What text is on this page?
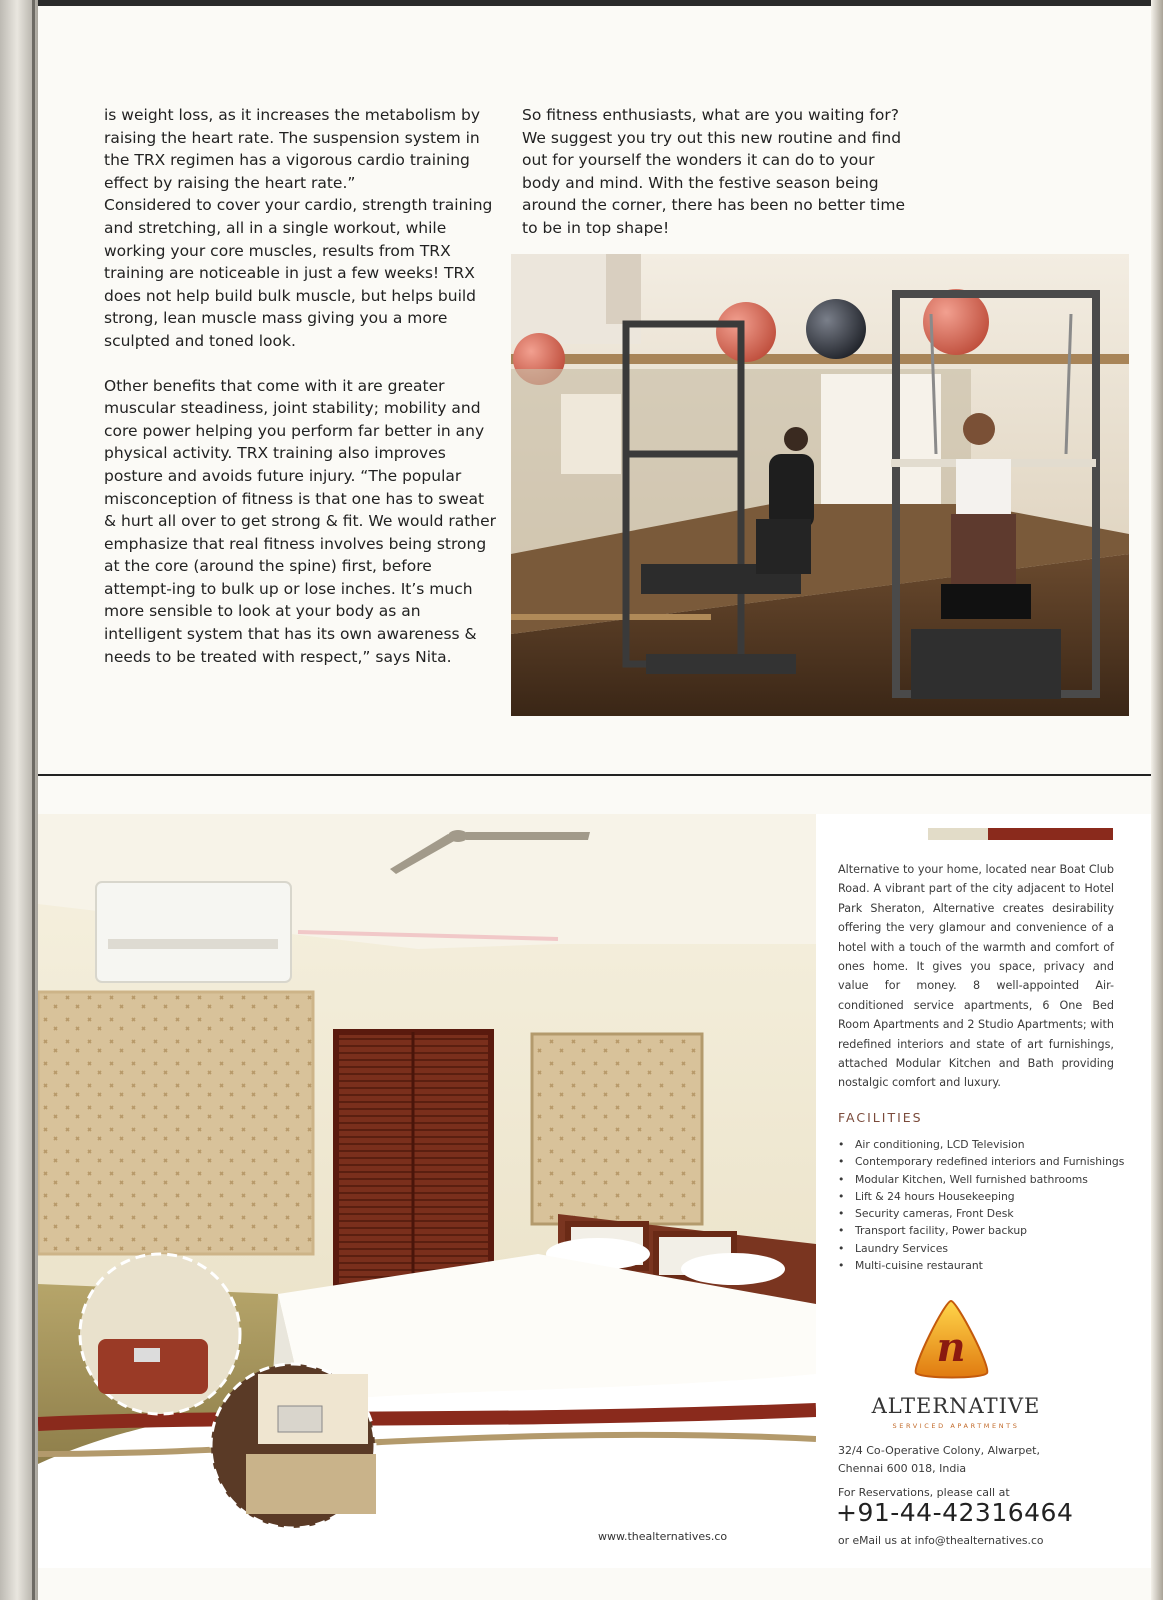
is weight loss, as it increases the metabolism by raising the heart rate. The suspension system in the TRX regimen has a vigorous cardio training effect by raising the heart rate.”

Considered to cover your cardio, strength training and stretching, all in a single workout, while working your core muscles, results from TRX training are noticeable in just a few weeks! TRX does not help build bulk muscle, but helps build strong, lean muscle mass giving you a more sculpted and toned look.

Other benefits that come with it are greater muscular steadiness, joint stability; mobility and core power helping you perform far better in any physical activity. TRX training also improves posture and avoids future injury. “The popular misconception of fitness is that one has to sweat & hurt all over to get strong & fit. We would rather emphasize that real fitness involves being strong at the core (around the spine) first, before attempt-ing to bulk up or lose inches. It’s much more sensible to look at your body as an intelligent system that has its own awareness & needs to be treated with respect,” says Nita.

So fitness enthusiasts, what are you waiting for? We suggest you try out this new routine and find out for yourself the wonders it can do to your body and mind. With the festive season being around the corner, there has been no better time to be in top shape!

Alternative to your home, located near Boat Club Road. A vibrant part of the city adjacent to Hotel Park Sheraton, Alternative creates desirability offering the very glamour and convenience of a hotel with a touch of the warmth and comfort of ones home. It gives you space, privacy and value for money. 8 well-appointed Air-conditioned service apartments, 6 One Bed Room Apartments and 2 Studio Apartments; with redefined interiors and state of art furnishings, attached Modular Kitchen and Bath providing nostalgic comfort and luxury.

FACILITIES
• Air conditioning, LCD Television
• Contemporary redefined interiors and Furnishings
• Modular Kitchen, Well furnished bathrooms
• Lift & 24 hours Housekeeping
• Security cameras, Front Desk
• Transport facility, Power backup
• Laundry Services
• Multi-cuisine restaurant
n
ALTERNATIVE
SERVICED APARTMENTS
32/4 Co-Operative Colony, Alwarpet,
Chennai 600 018, India
For Reservations, please call at
+91-44-42316464
or eMail us at info@thealternatives.co
www.thealternatives.co
